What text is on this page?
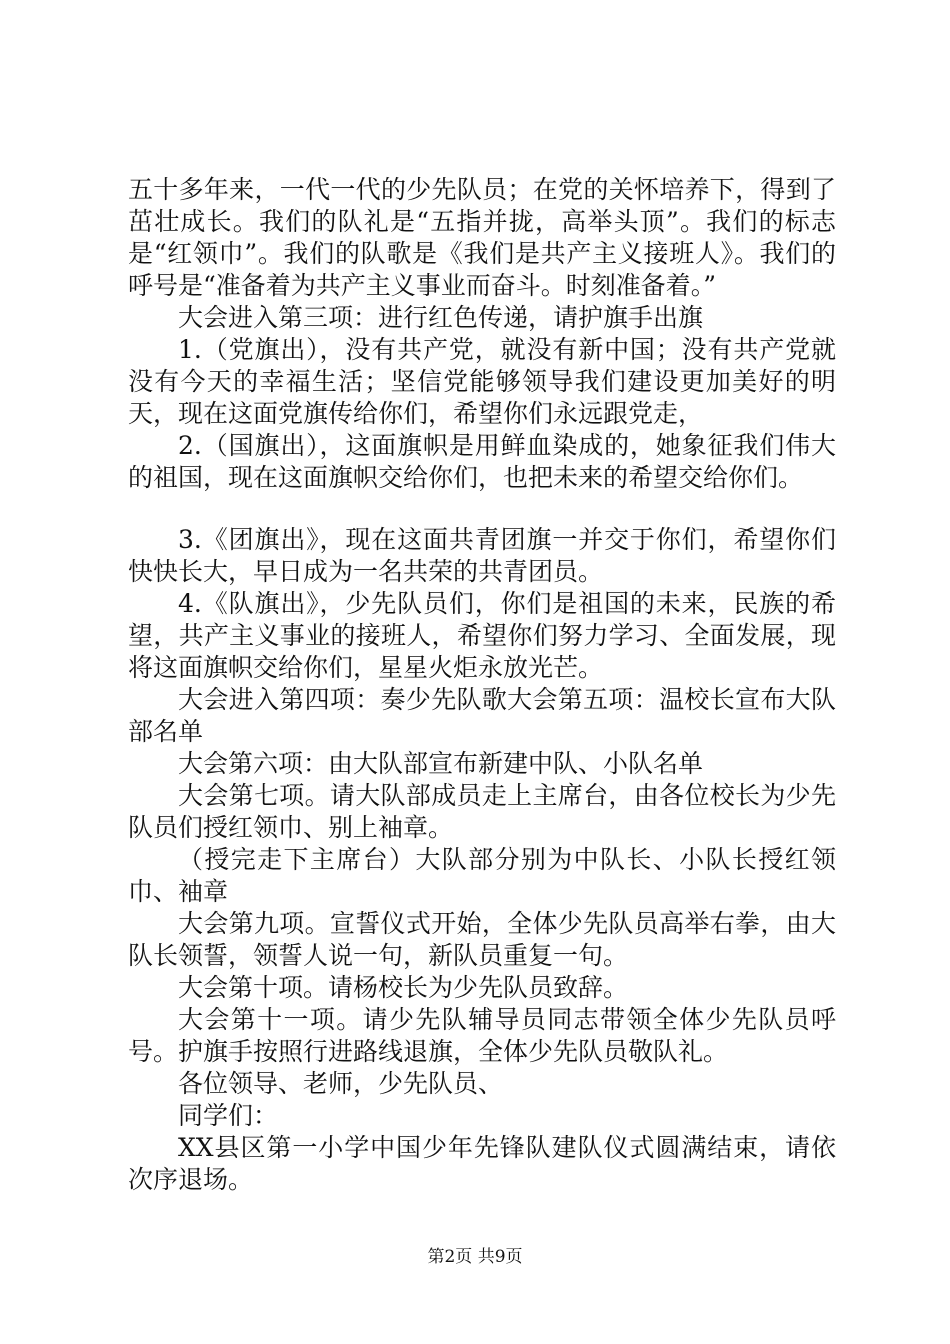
五十多年来，一代一代的少先队员；在党的关怀培养下，得到了茁壮成长。我们的队礼是“五指并拢，高举头顶”。我们的标志是“红领巾”。我们的队歌是《我们是共产主义接班人》。我们的呼号是“准备着为共产主义事业而奋斗。时刻准备着。”

大会进入第三项：进行红色传递，请护旗手出旗

1.（党旗出），没有共产党，就没有新中国；没有共产党就没有今天的幸福生活；坚信党能够领导我们建设更加美好的明天，现在这面党旗传给你们，希望你们永远跟党走，

2.（国旗出），这面旗帜是用鲜血染成的，她象征我们伟大的祖国，现在这面旗帜交给你们，也把未来的希望交给你们。

3.《团旗出》，现在这面共青团旗一并交于你们，希望你们快快长大，早日成为一名共荣的共青团员。

4.《队旗出》，少先队员们，你们是祖国的未来，民族的希望，共产主义事业的接班人，希望你们努力学习、全面发展，现将这面旗帜交给你们，星星火炬永放光芒。

大会进入第四项：奏少先队歌大会第五项：温校长宣布大队部名单

大会第六项：由大队部宣布新建中队、小队名单

大会第七项。请大队部成员走上主席台，由各位校长为少先队员们授红领巾、别上袖章。

（授完走下主席台）大队部分别为中队长、小队长授红领巾、袖章

大会第九项。宣誓仪式开始，全体少先队员高举右拳，由大队长领誓，领誓人说一句，新队员重复一句。

大会第十项。请杨校长为少先队员致辞。

大会第十一项。请少先队辅导员同志带领全体少先队员呼号。护旗手按照行进路线退旗，全体少先队员敬队礼。

各位领导、老师，少先队员、

同学们：

XX县区第一小学中国少年先锋队建队仪式圆满结束，请依次序退场。

第2页 共9页
